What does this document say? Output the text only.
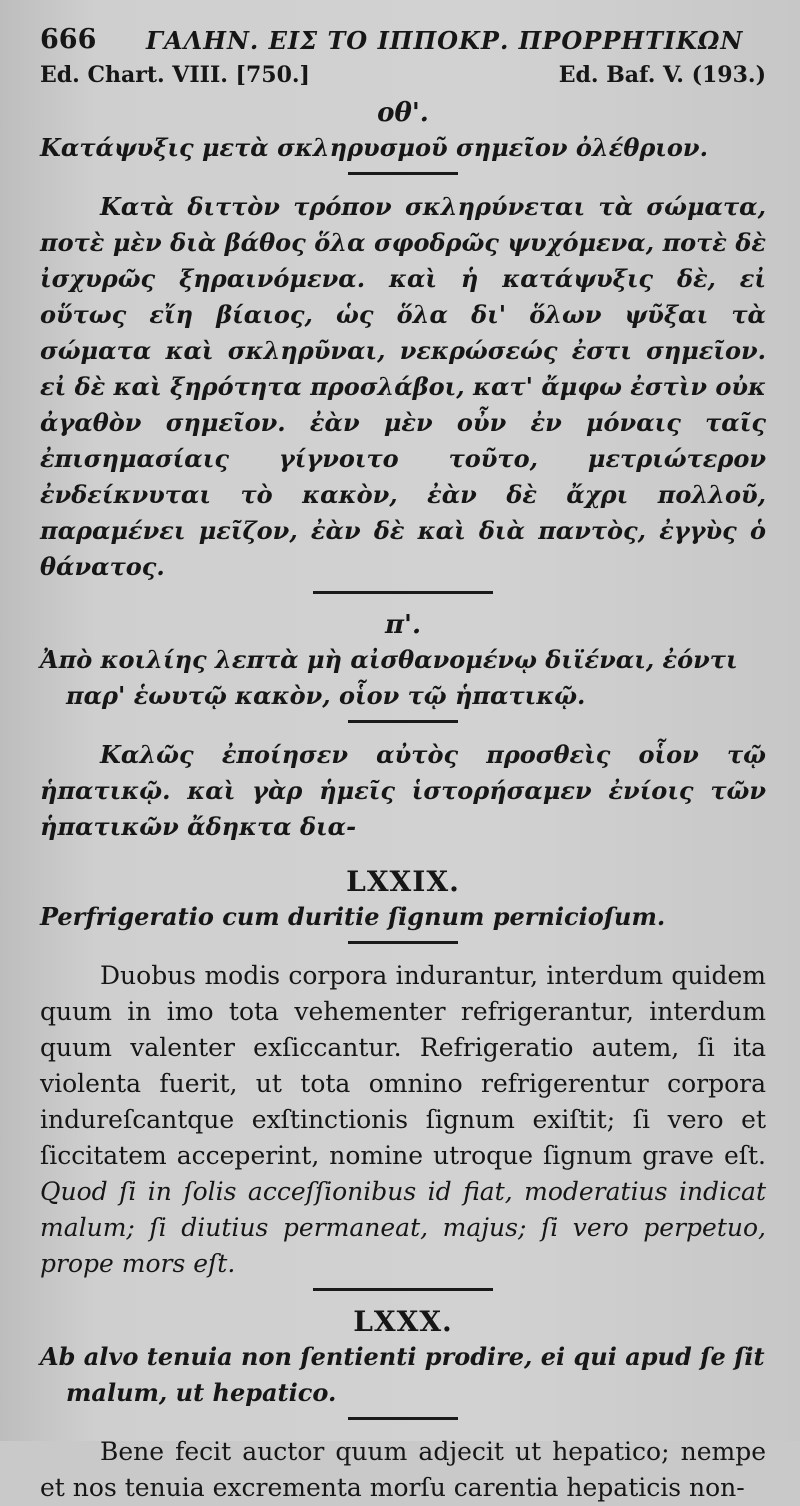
666 ΓΑΛΗΝ. ΕΙΣ ΤΟ ΙΠΠΟΚΡ. ΠΡΟΡΡΗΤΙΚΩΝ
Ed. Chart. VIII. [750.]	Ed. Baf. V. (193.)
οθ'.

Κατάψυξις μετὰ σκληρυσμοῦ σημεῖον ὀλέθριον.

Κατὰ διττὸν τρόπον σκληρύνεται τὰ σώματα, ποτὲ μὲν διὰ βάθος ὅλα σφοδρῶς ψυχόμενα, ποτὲ δὲ ἰσχυρῶς ξηραινόμενα. καὶ ἡ κατάψυξις δὲ, εἰ οὕτως εἴη βίαιος, ὡς ὅλα δι' ὅλων ψῦξαι τὰ σώματα καὶ σκληρῦναι, νεκρώσεώς ἐστι σημεῖον. εἰ δὲ καὶ ξηρότητα προσλάβοι, κατ' ἄμφω ἐστὶν οὐκ ἀγαθὸν σημεῖον. ἐὰν μὲν οὖν ἐν μόναις ταῖς ἐπισημασίαις γίγνοιτο τοῦτο, μετριώτερον ἐνδείκνυται τὸ κακὸν, ἐὰν δὲ ἄχρι πολλοῦ, παραμένει μεῖζον, ἐὰν δὲ καὶ διὰ παντὸς, ἐγγὺς ὁ θάνατος.

π'.

Ἀπὸ κοιλίης λεπτὰ μὴ αἰσθανομένῳ διϊέναι, ἐόντι παρ' ἑωυτῷ κακὸν, οἷον τῷ ἡπατικῷ.

Καλῶς ἐποίησεν αὐτὸς προσθεὶς οἷον τῷ ἡπατικῷ. καὶ γὰρ ἡμεῖς ἱστορήσαμεν ἐνίοις τῶν ἡπατικῶν ἄδηκτα δια-

LXXIX.

Perfrigeratio cum duritie ſignum pernicioſum.

Duobus modis corpora indurantur, interdum quidem quum in imo tota vehementer refrigerantur, interdum quum valenter exſiccantur. Refrigeratio autem, ſi ita violenta fuerit, ut tota omnino refrigerentur corpora indureſcantque exſtinctionis ſignum exiſtit; ſi vero et ſiccitatem acceperint, nomine utroque ſignum grave eſt. Quod ſi in ſolis acceſſionibus id fiat, moderatius indicat malum; ſi diutius permaneat, majus; ſi vero perpetuo, prope mors eſt.

LXXX.

Ab alvo tenuia non ſentienti prodire, ei qui apud ſe ſit malum, ut hepatico.

Bene fecit auctor quum adjecit ut hepatico; nempe et nos tenuia excrementa morſu carentia hepaticis non-
